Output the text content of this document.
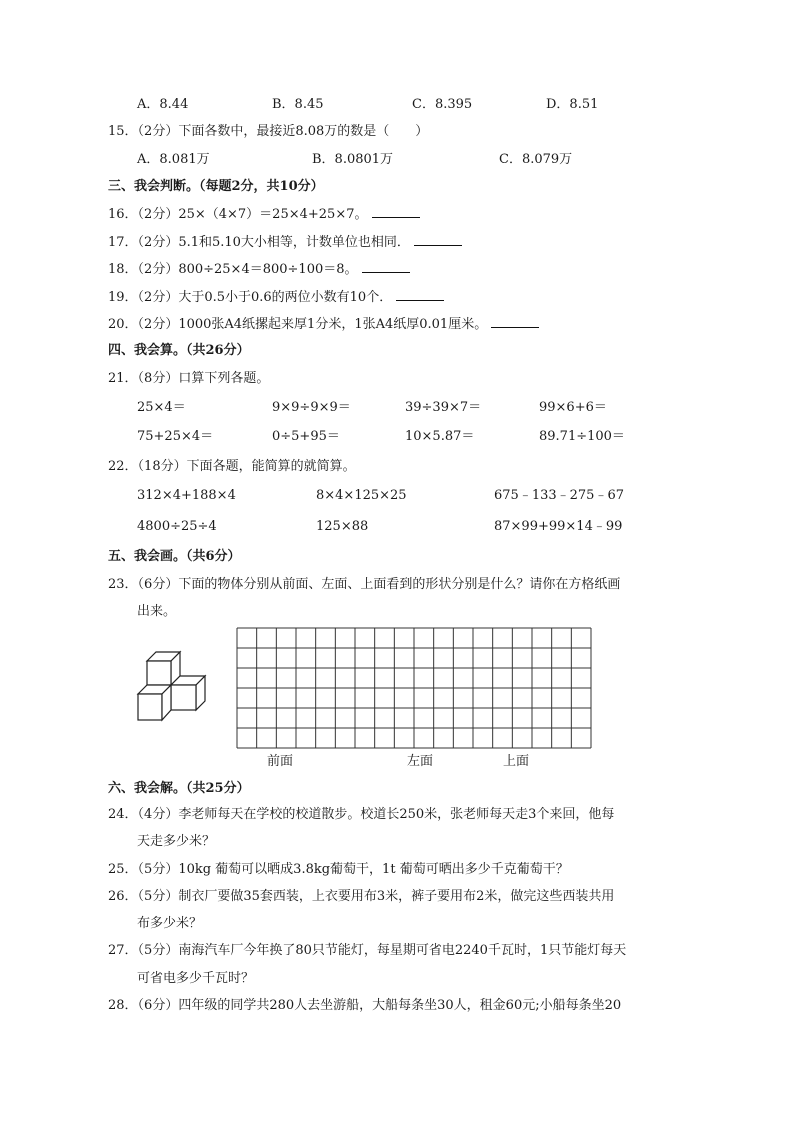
A．8.44	B．8.45	C．8.395	D．8.51
15．（2分）下面各数中，最接近8.08万的数是（　　）
A．8.081万	B．8.0801万	C．8.079万
三、我会判断。（每题2分，共10分）
16．（2分）25×（4×7）＝25×4+25×7。
17．（2分）5.1和5.10大小相等，计数单位也相同．
18．（2分）800÷25×4＝800÷100＝8。
19．（2分）大于0.5小于0.6的两位小数有10个．
20．（2分）1000张A4纸摞起来厚1分米，1张A4纸厚0.01厘米。
四、我会算。（共26分）
21．（8分）口算下列各题。
25×4＝	9×9÷9×9＝	39÷39×7＝	99×6+6＝
75+25×4＝	0÷5+95＝	10×5.87＝	89.71÷100＝
22．（18分）下面各题，能简算的就简算。
312×4+188×4	8×4×125×25	675﹣133﹣275﹣67
4800÷25÷4	125×88	87×99+99×14﹣99
五、我会画。（共6分）
23．（6分）下面的物体分别从前面、左面、上面看到的形状分别是什么？请你在方格纸画
出来。
前面	左面	上面
六、我会解。（共25分）
24．（4分）李老师每天在学校的校道散步。校道长250米，张老师每天走3个来回，他每
天走多少米？
25．（5分）10kg 葡萄可以晒成3.8kg葡萄干，1t 葡萄可晒出多少千克葡萄干？
26．（5分）制衣厂要做35套西装，上衣要用布3米，裤子要用布2米，做完这些西装共用
布多少米？
27．（5分）南海汽车厂今年换了80只节能灯，每星期可省电2240千瓦时，1只节能灯每天
可省电多少千瓦时？
28．（6分）四年级的同学共280人去坐游船，大船每条坐30人，租金60元;小船每条坐20
